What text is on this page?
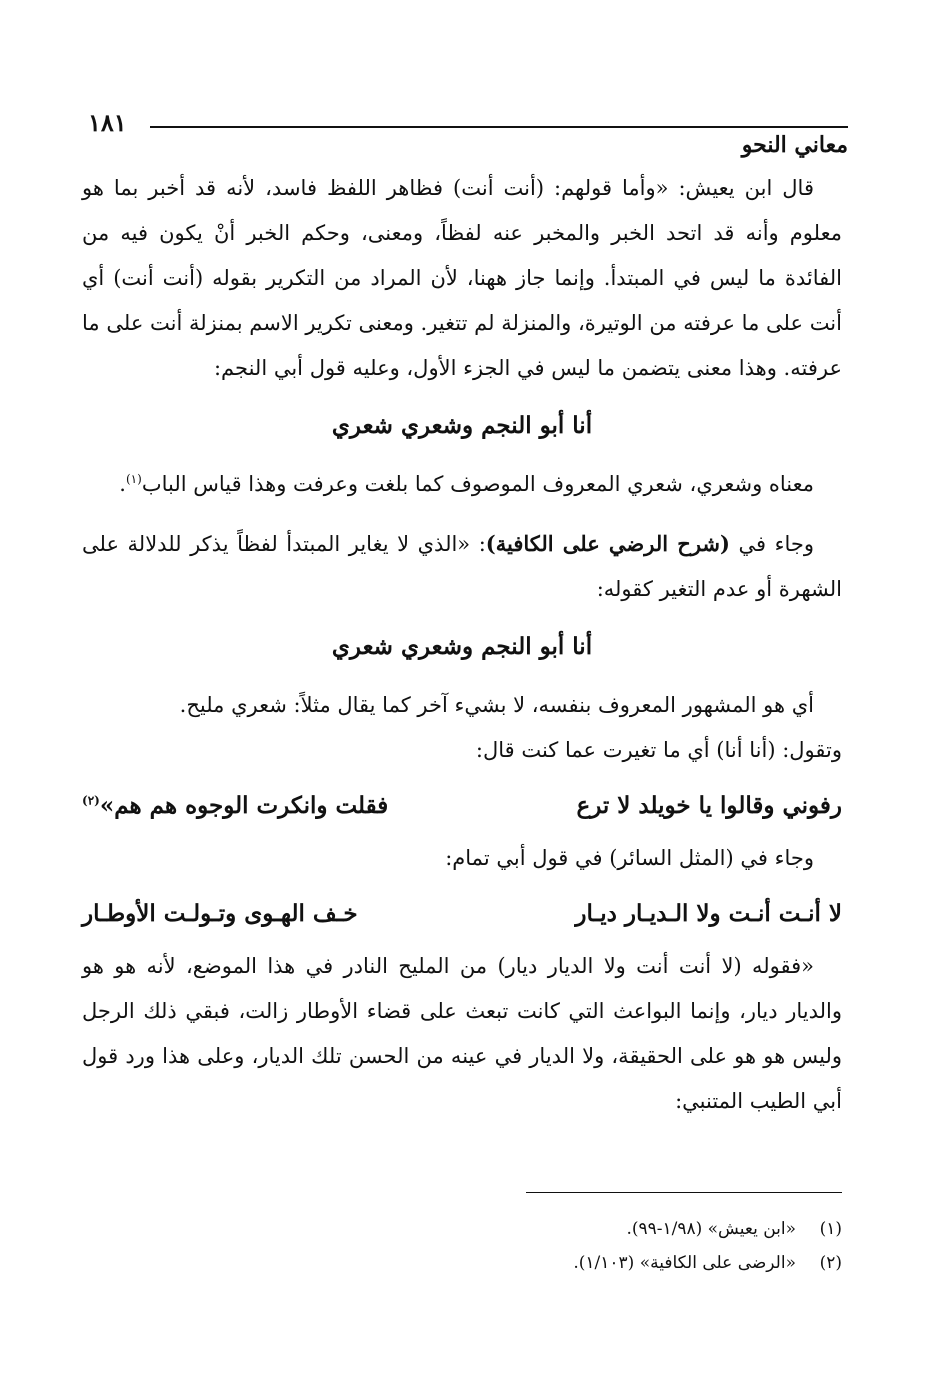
١٨١
معاني النحو

قال ابن يعيش: «وأما قولهم: (أنت أنت) فظاهر اللفظ فاسد، لأنه قد أخبر بما هو معلوم وأنه قد اتحد الخبر والمخبر عنه لفظاً، ومعنى، وحكم الخبر أنْ يكون فيه من الفائدة ما ليس في المبتدأ. وإنما جاز ههنا، لأن المراد من التكرير بقوله (أنت أنت) أي أنت على ما عرفته من الوتيرة، والمنزلة لم تتغير. ومعنى تكرير الاسم بمنزلة أنت على ما عرفته. وهذا معنى يتضمن ما ليس في الجزء الأول، وعليه قول أبي النجم:

أنا أبو النجم وشعري شعري

معناه وشعري، شعري المعروف الموصوف كما بلغت وعرفت وهذا قياس الباب$^{(١)}$.

وجاء في (شرح الرضي على الكافية): «الذي لا يغاير المبتدأ لفظاً يذكر للدلالة على الشهرة أو عدم التغير كقوله:

أنا أبو النجم وشعري شعري

أي هو المشهور المعروف بنفسه، لا بشيء آخر كما يقال مثلاً: شعري مليح.

وتقول: (أنا أنا) أي ما تغيرت عما كنت قال:

رفوني وقالوا يا خويلد لا ترع
فقلت وانكرت الوجوه هم هم»$^{(٢)}$

وجاء في (المثل السائر) في قول أبي تمام:

لا أنـت أنـت ولا الـديـار ديـار
خـف الهـوى وتـولـت الأوطـار

«فقوله (لا أنت أنت ولا الديار ديار) من المليح النادر في هذا الموضع، لأنه هو هو والديار ديار، وإنما البواعث التي كانت تبعث على قضاء الأوطار زالت، فبقي ذلك الرجل وليس هو هو على الحقيقة، ولا الديار في عينه من الحسن تلك الديار، وعلى هذا ورد قول أبي الطيب المتنبي:

(١)«ابن يعيش» (١/٩٨-٩٩).

(٢)«الرضى على الكافية» (١/١٠٣).
